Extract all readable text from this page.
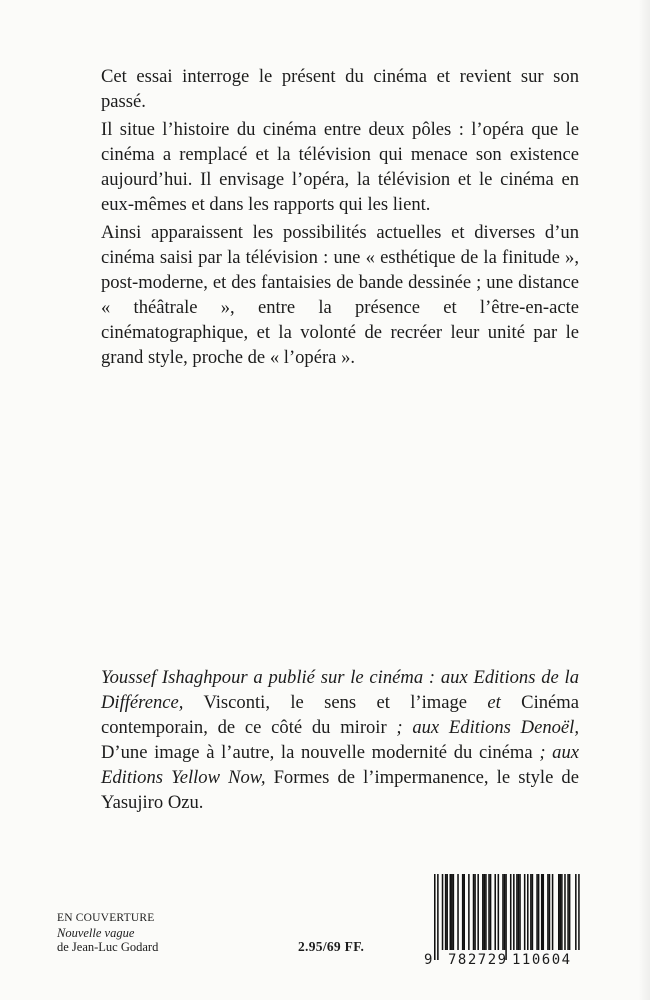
Cet essai interroge le présent du cinéma et revient sur son passé.

Il situe l’histoire du cinéma entre deux pôles : l’opéra que le cinéma a remplacé et la télévision qui menace son existence aujourd’hui. Il envisage l’opéra, la télévision et le cinéma en eux-mêmes et dans les rapports qui les lient.

Ainsi apparaissent les possibilités actuelles et diverses d’un cinéma saisi par la télévision : une « esthétique de la finitude », post-moderne, et des fantaisies de bande dessinée ; une distance « théâtrale », entre la présence et l’être-en-acte cinématographique, et la volonté de recréer leur unité par le grand style, proche de « l’opéra ».

Youssef Ishaghpour a publié sur le cinéma : aux Editions de la Différence, Visconti, le sens et l’image et Cinéma contemporain, de ce côté du miroir ; aux Editions Denoël, D’une image à l’autre, la nouvelle modernité du cinéma ; aux Editions Yellow Now, Formes de l’impermanence, le style de Yasujiro Ozu.
EN COUVERTURE
Nouvelle vague
de Jean-Luc Godard	2.95/69 FF.
9 782729 110604
